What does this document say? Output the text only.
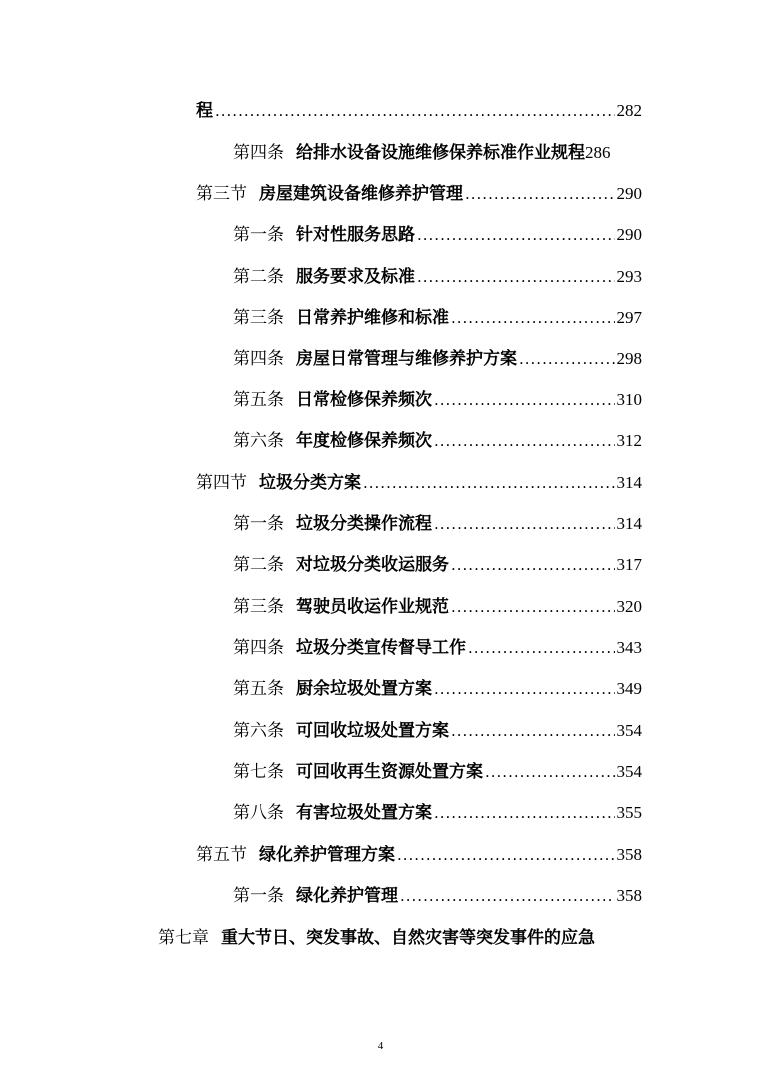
程 .....	282
第四条 给排水设备设施维修保养标准作业规程 286
第三节 房屋建筑设备维修养护管理 .....	290
第一条 针对性服务思路 .....	290
第二条 服务要求及标准 .....	293
第三条 日常养护维修和标准 .....	297
第四条 房屋日常管理与维修养护方案 .....	298
第五条 日常检修保养频次 .....	310
第六条 年度检修保养频次 .....	312
第四节 垃圾分类方案 .....	314
第一条 垃圾分类操作流程 .....	314
第二条 对垃圾分类收运服务 .....	317
第三条 驾驶员收运作业规范 .....	320
第四条 垃圾分类宣传督导工作 .....	343
第五条 厨余垃圾处置方案 .....	349
第六条 可回收垃圾处置方案 .....	354
第七条 可回收再生资源处置方案 .....	354
第八条 有害垃圾处置方案 .....	355
第五节 绿化养护管理方案 .....	358
第一条 绿化养护管理 .....	358
第七章 重大节日、突发事故、自然灾害等突发事件的应急
4
